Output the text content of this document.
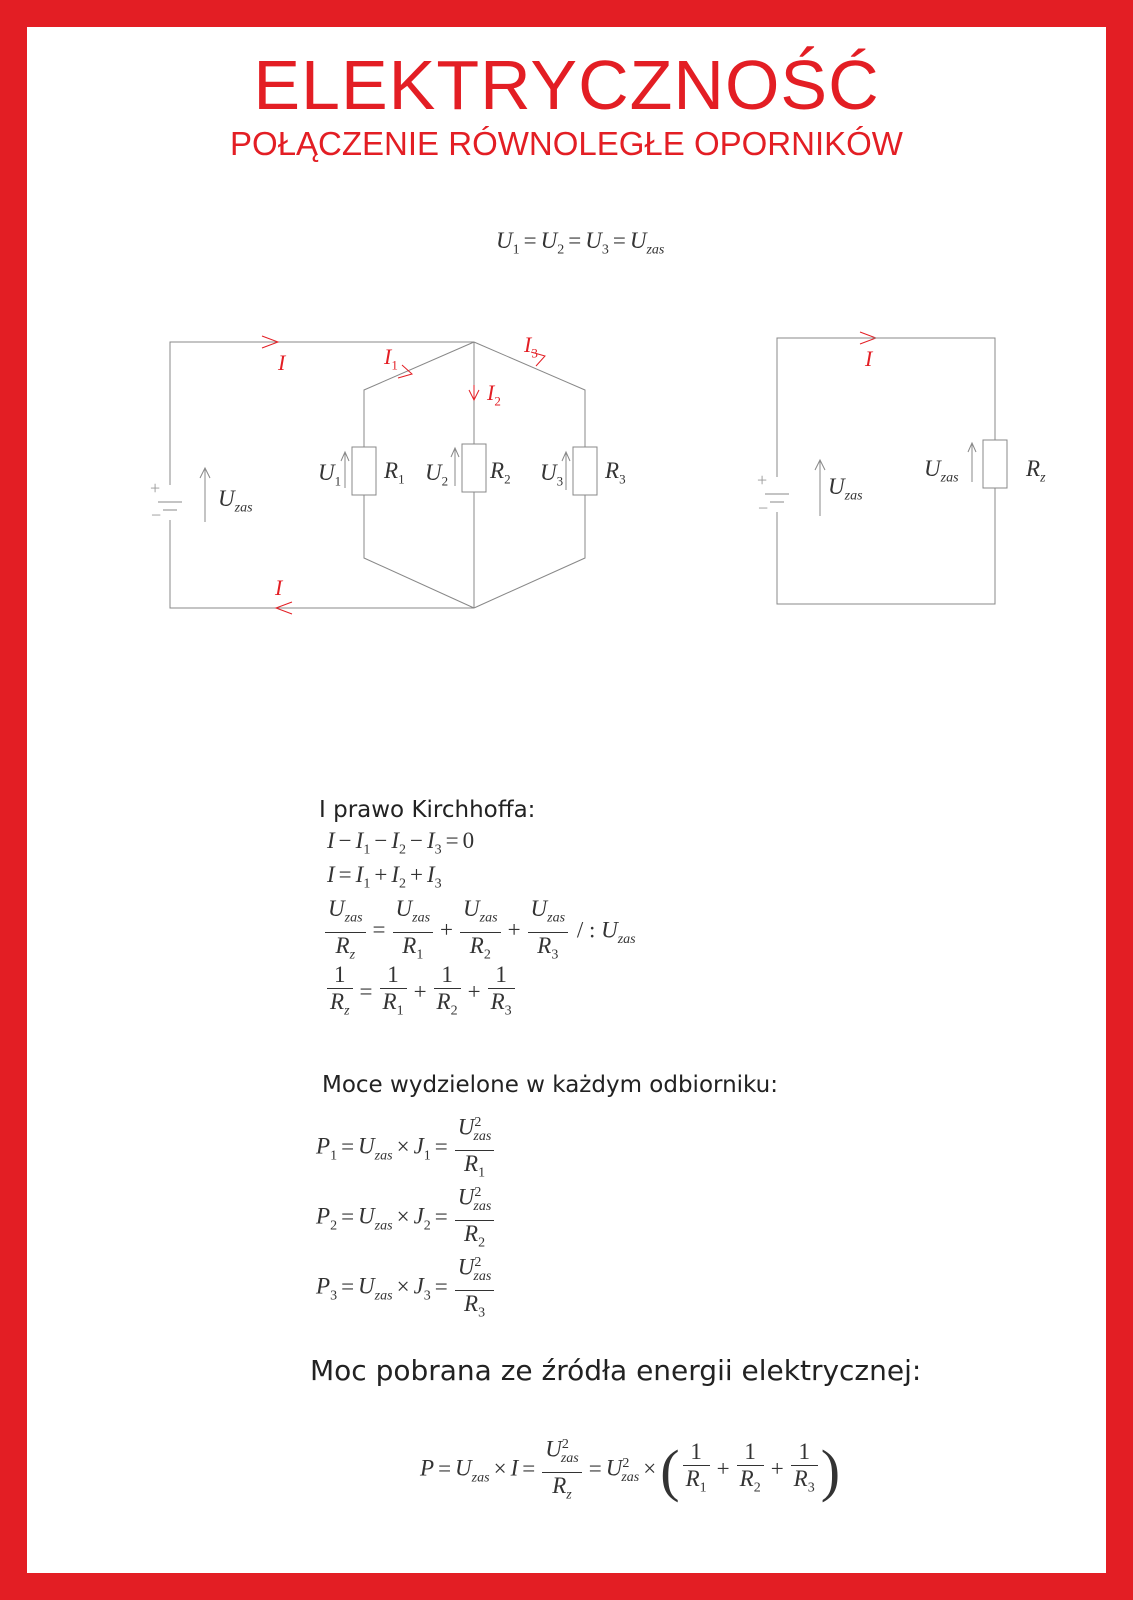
ELEKTRYCZNOŚĆ
POŁĄCZENIE RÓWNOLEGŁE OPORNIKÓW
$U_1 = U_2 = U_3 = U_{zas}$
+
−
+
−
I
I
$I_1$
$I_2$
$I_3$	I
$U_{zas}$
$U_1$ $R_1$ $U_2$ $R_2$ $U_3$ $R_3$	$U_{zas}$
$U_{zas}$	$R_z$
I prawo Kirchhoffa:
$I - I_1 - I_2 - I_3 = 0$
$I = I_1 + I_2 + I_3$
$\frac{U_{zas}}{R_z} = \frac{U_{zas}}{R_1} + \frac{U_{zas}}{R_2} + \frac{U_{zas}}{R_3}$ / : $U_{zas}$
$\frac{1}{R_z} = \frac{1}{R_1} + \frac{1}{R_2} + \frac{1}{R_3}$
Moce wydzielone w każdym odbiorniku:
$P_1 = U_{zas} \times J_1 = \frac{U^2_{zas}}{R_1}$
$P_2 = U_{zas} \times J_2 = \frac{U^2_{zas}}{R_2}$
$P_3 = U_{zas} \times J_3 = \frac{U^2_{zas}}{R_3}$
Moc pobrana ze źródła energii elektrycznej:
$P = U_{zas} \times I = \frac{U^2_{zas}}{R_z} = U^2_{zas}$ ×( $\frac{1}{R_1} + \frac{1}{R_2} + \frac{1}{R_3}$ )
